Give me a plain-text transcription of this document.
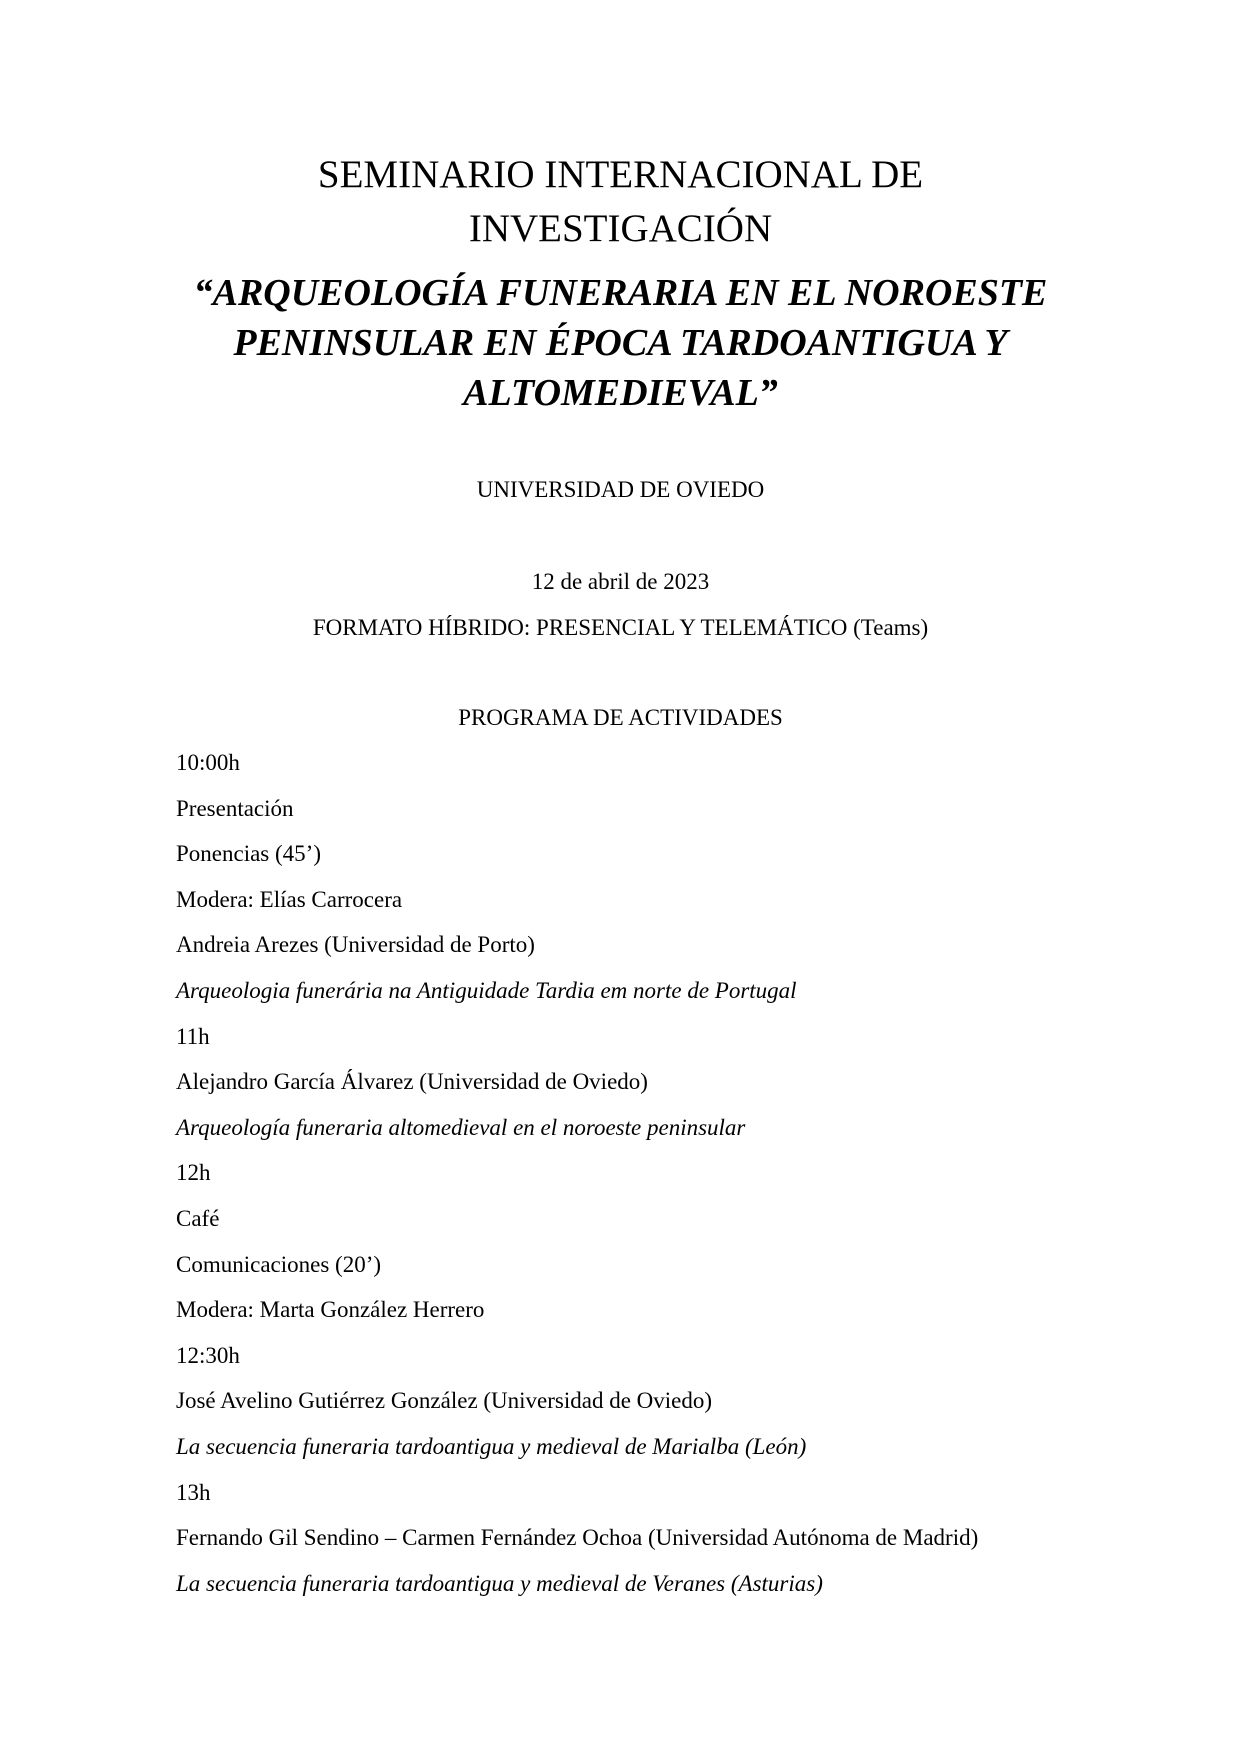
SEMINARIO INTERNACIONAL DE
INVESTIGACIÓN
“ARQUEOLOGÍA FUNERARIA EN EL NOROESTE
PENINSULAR EN ÉPOCA TARDOANTIGUA Y
ALTOMEDIEVAL”
UNIVERSIDAD DE OVIEDO
12 de abril de 2023
FORMATO HÍBRIDO: PRESENCIAL Y TELEMÁTICO (Teams)
PROGRAMA DE ACTIVIDADES
10:00h
Presentación
Ponencias (45’)
Modera: Elías Carrocera
Andreia Arezes (Universidad de Porto)
Arqueologia funerária na Antiguidade Tardia em norte de Portugal
11h
Alejandro García Álvarez (Universidad de Oviedo)
Arqueología funeraria altomedieval en el noroeste peninsular
12h
Café
Comunicaciones (20’)
Modera: Marta González Herrero
12:30h
José Avelino Gutiérrez González (Universidad de Oviedo)
La secuencia funeraria tardoantigua y medieval de Marialba (León)
13h
Fernando Gil Sendino – Carmen Fernández Ochoa (Universidad Autónoma de Madrid)
La secuencia funeraria tardoantigua y medieval de Veranes (Asturias)
